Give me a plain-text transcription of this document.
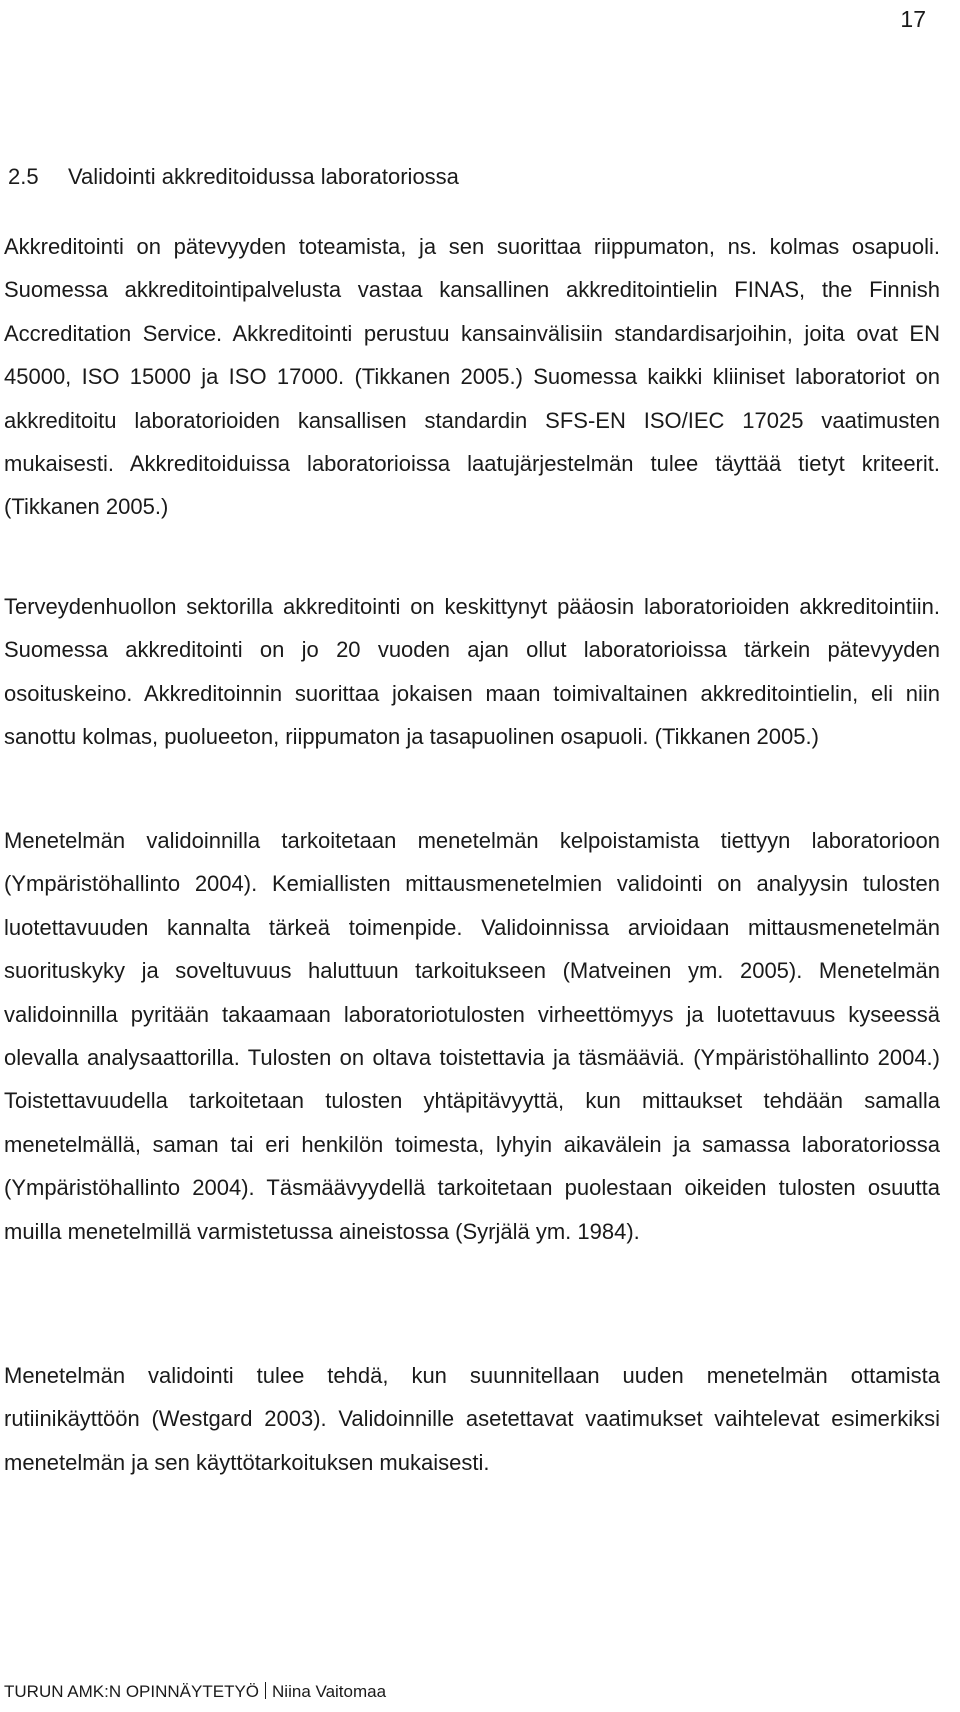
17
2.5 Validointi akkreditoidussa laboratoriossa

Akkreditointi on pätevyyden toteamista, ja sen suorittaa riippumaton, ns. kolmas osapuoli. Suomessa akkreditointipalvelusta vastaa kansallinen akkreditointielin FINAS, the Finnish Accreditation Service. Akkreditointi perustuu kansainvälisiin standardisarjoihin, joita ovat EN 45000, ISO 15000 ja ISO 17000. (Tikkanen 2005.) Suomessa kaikki kliiniset laboratoriot on akkreditoitu laboratorioiden kansallisen standardin SFS-EN ISO/IEC 17025 vaatimusten mukaisesti. Akkreditoiduissa laboratorioissa laatujärjestelmän tulee täyttää tietyt kriteerit. (Tikkanen 2005.)

Terveydenhuollon sektorilla akkreditointi on keskittynyt pääosin laboratorioiden akkreditointiin. Suomessa akkreditointi on jo 20 vuoden ajan ollut laboratorioissa tärkein pätevyyden osoituskeino. Akkreditoinnin suorittaa jokaisen maan toimivaltainen akkreditointielin, eli niin sanottu kolmas, puolueeton, riippumaton ja tasapuolinen osapuoli. (Tikkanen 2005.)

Menetelmän validoinnilla tarkoitetaan menetelmän kelpoistamista tiettyyn laboratorioon (Ympäristöhallinto 2004). Kemiallisten mittausmenetelmien validointi on analyysin tulosten luotettavuuden kannalta tärkeä toimenpide. Validoinnissa arvioidaan mittausmenetelmän suorituskyky ja soveltuvuus haluttuun tarkoitukseen (Matveinen ym. 2005). Menetelmän validoinnilla pyritään takaamaan laboratoriotulosten virheettömyys ja luotettavuus kyseessä olevalla analysaattorilla. Tulosten on oltava toistettavia ja täsmääviä. (Ympäristöhallinto 2004.) Toistettavuudella tarkoitetaan tulosten yhtäpitävyyttä, kun mittaukset tehdään samalla menetelmällä, saman tai eri henkilön toimesta, lyhyin aikavälein ja samassa laboratoriossa (Ympäristöhallinto 2004). Täsmäävyydellä tarkoitetaan puolestaan oikeiden tulosten osuutta muilla menetelmillä varmistetussa aineistossa (Syrjälä ym. 1984).

Menetelmän validointi tulee tehdä, kun suunnitellaan uuden menetelmän ottamista rutiinikäyttöön (Westgard 2003). Validoinnille asetettavat vaatimukset vaihtelevat esimerkiksi menetelmän ja sen käyttötarkoituksen mukaisesti.

TURUN AMK:N OPINNÄYTETYÖ Niina Vaitomaa
